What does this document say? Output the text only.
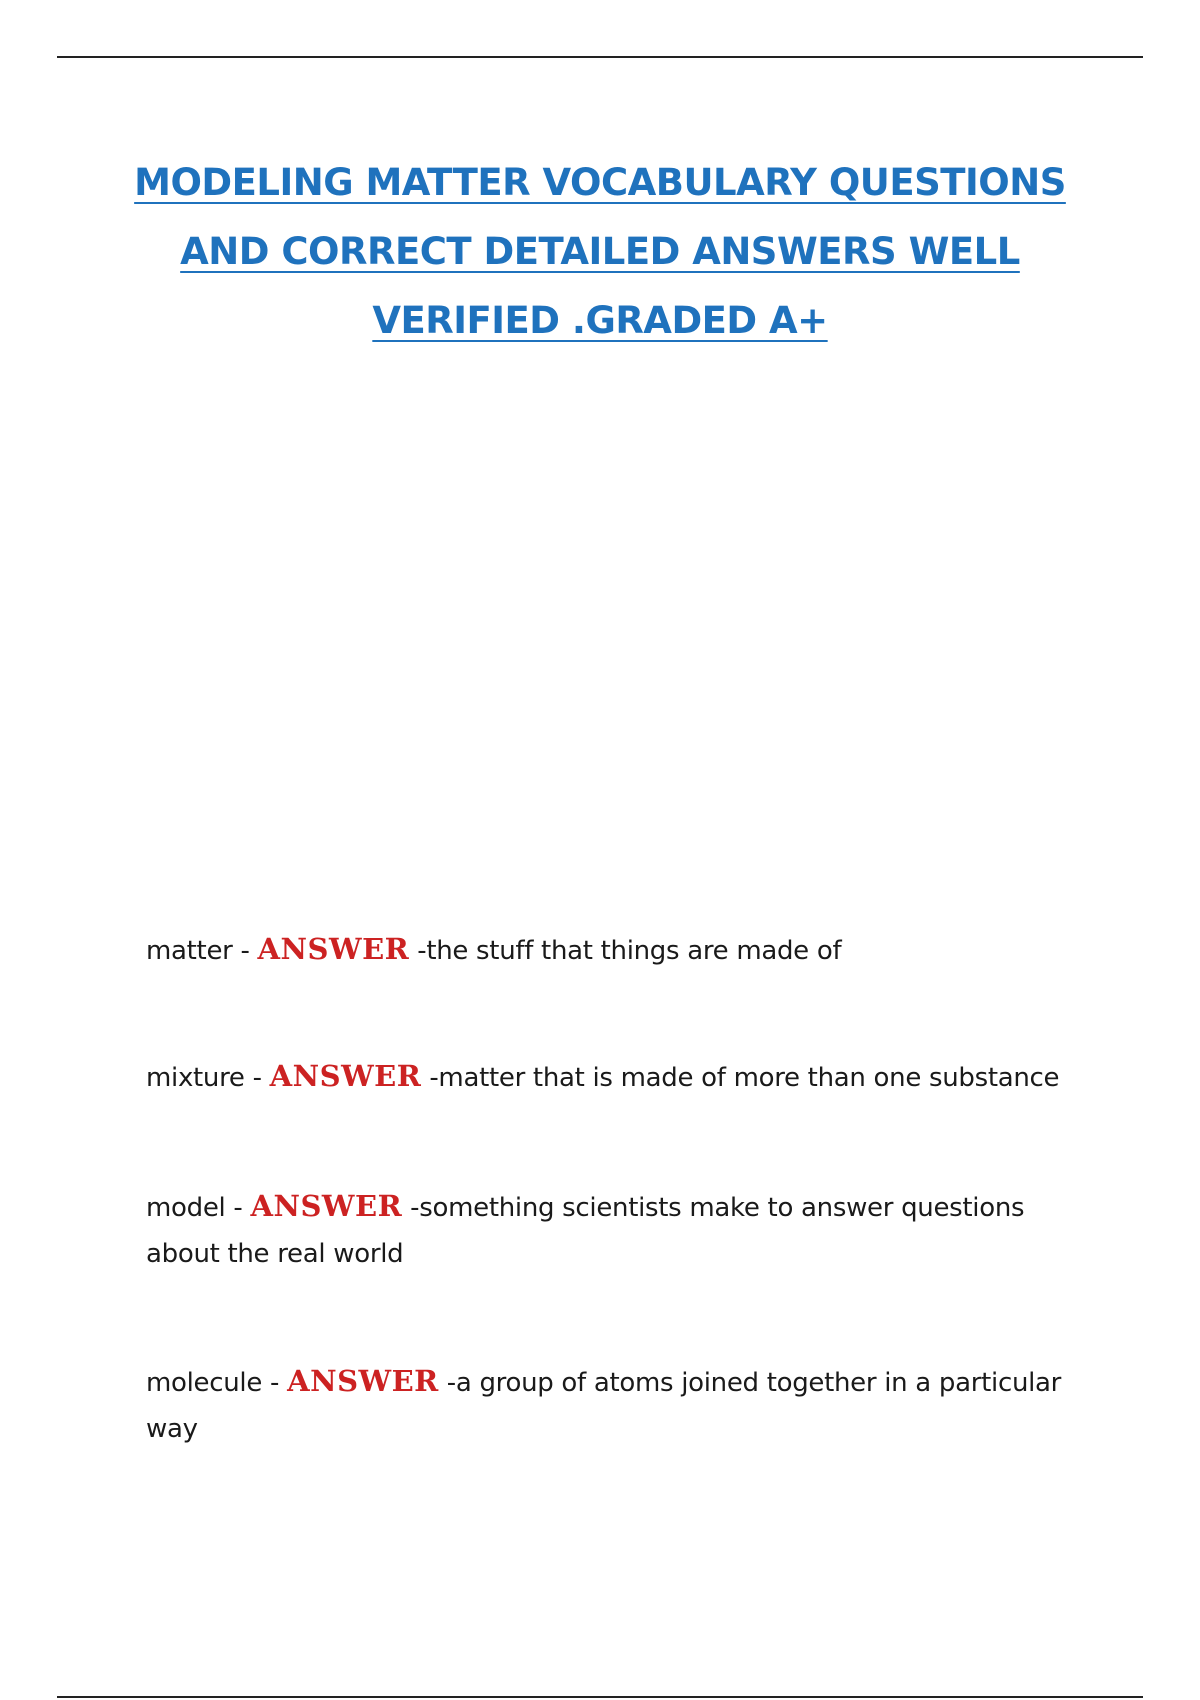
MODELING MATTER VOCABULARY QUESTIONS
AND CORRECT DETAILED ANSWERS WELL
VERIFIED .GRADED A+

matter - ANSWER -the stuff that things are made of

mixture - ANSWER -matter that is made of more than one substance

model - ANSWER -something scientists make to answer questions about the real world

molecule - ANSWER -a group of atoms joined together in a particular way
